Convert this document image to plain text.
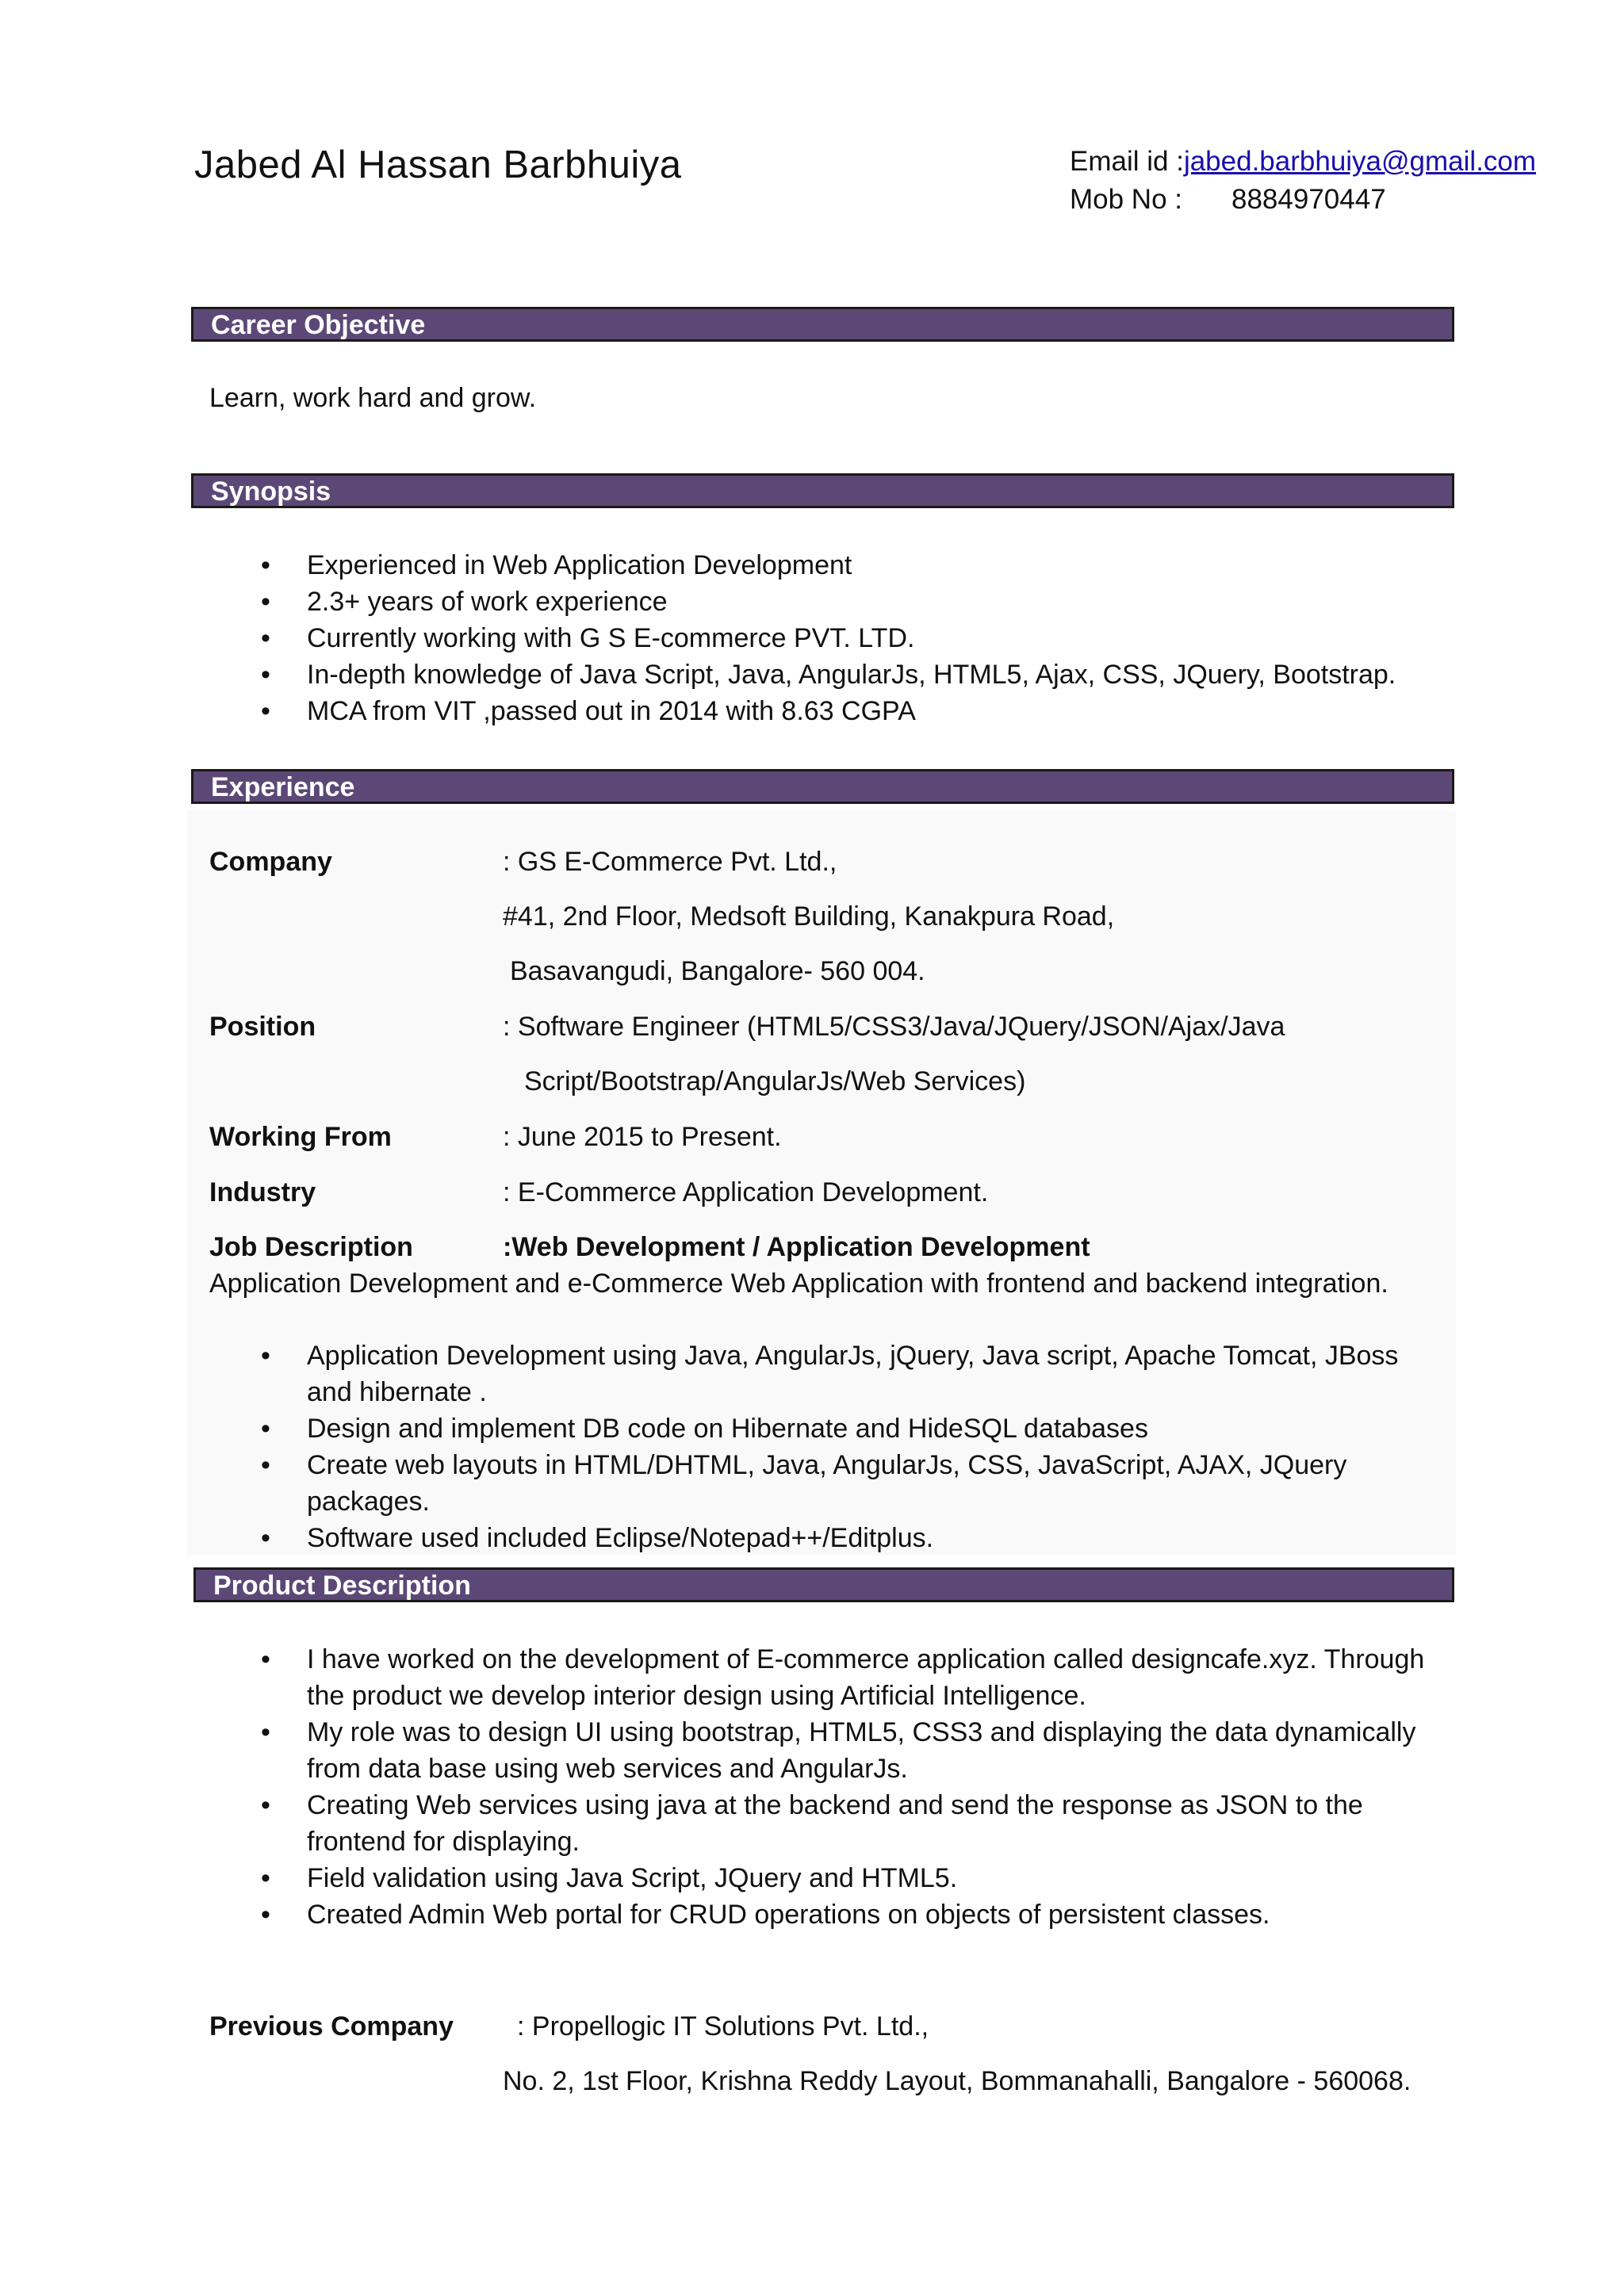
Jabed Al Hassan Barbhuiya	Email id :jabed.barbhuiya@gmail.com
Mob No : 8884970447
Career Objective
Learn, work hard and grow.
Synopsis
• Experienced in Web Application Development
• 2.3+ years of work experience
• Currently working with G S E-commerce PVT. LTD.
• In-depth knowledge of Java Script, Java, AngularJs, HTML5, Ajax, CSS, JQuery, Bootstrap.
• MCA from VIT ,passed out in 2014 with 8.63 CGPA
Experience
Company	: GS E-Commerce Pvt. Ltd.,
#41, 2nd Floor, Medsoft Building, Kanakpura Road,
Basavangudi, Bangalore- 560 004.
Position	: Software Engineer (HTML5/CSS3/Java/JQuery/JSON/Ajax/Java
Script/Bootstrap/AngularJs/Web Services)
Working From	: June 2015 to Present.
Industry	: E-Commerce Application Development.
Job Description	:Web Development / Application Development
Application Development and e-Commerce Web Application with frontend and backend integration.
• Application Development using Java, AngularJs, jQuery, Java script, Apache Tomcat, JBoss and hibernate .
• Design and implement DB code on Hibernate and HideSQL databases
• Create web layouts in HTML/DHTML, Java, AngularJs, CSS, JavaScript, AJAX, JQuery packages.
• Software used included Eclipse/Notepad++/Editplus.
Product Description
• I have worked on the development of E-commerce application called designcafe.xyz. Through the product we develop interior design using Artificial Intelligence.
• My role was to design UI using bootstrap, HTML5, CSS3 and displaying the data dynamically from data base using web services and AngularJs.
• Creating Web services using java at the backend and send the response as JSON to the frontend for displaying.
• Field validation using Java Script, JQuery and HTML5.
• Created Admin Web portal for CRUD operations on objects of persistent classes.
Previous Company : Propellogic IT Solutions Pvt. Ltd.,
No. 2, 1st Floor, Krishna Reddy Layout, Bommanahalli, Bangalore - 560068.
